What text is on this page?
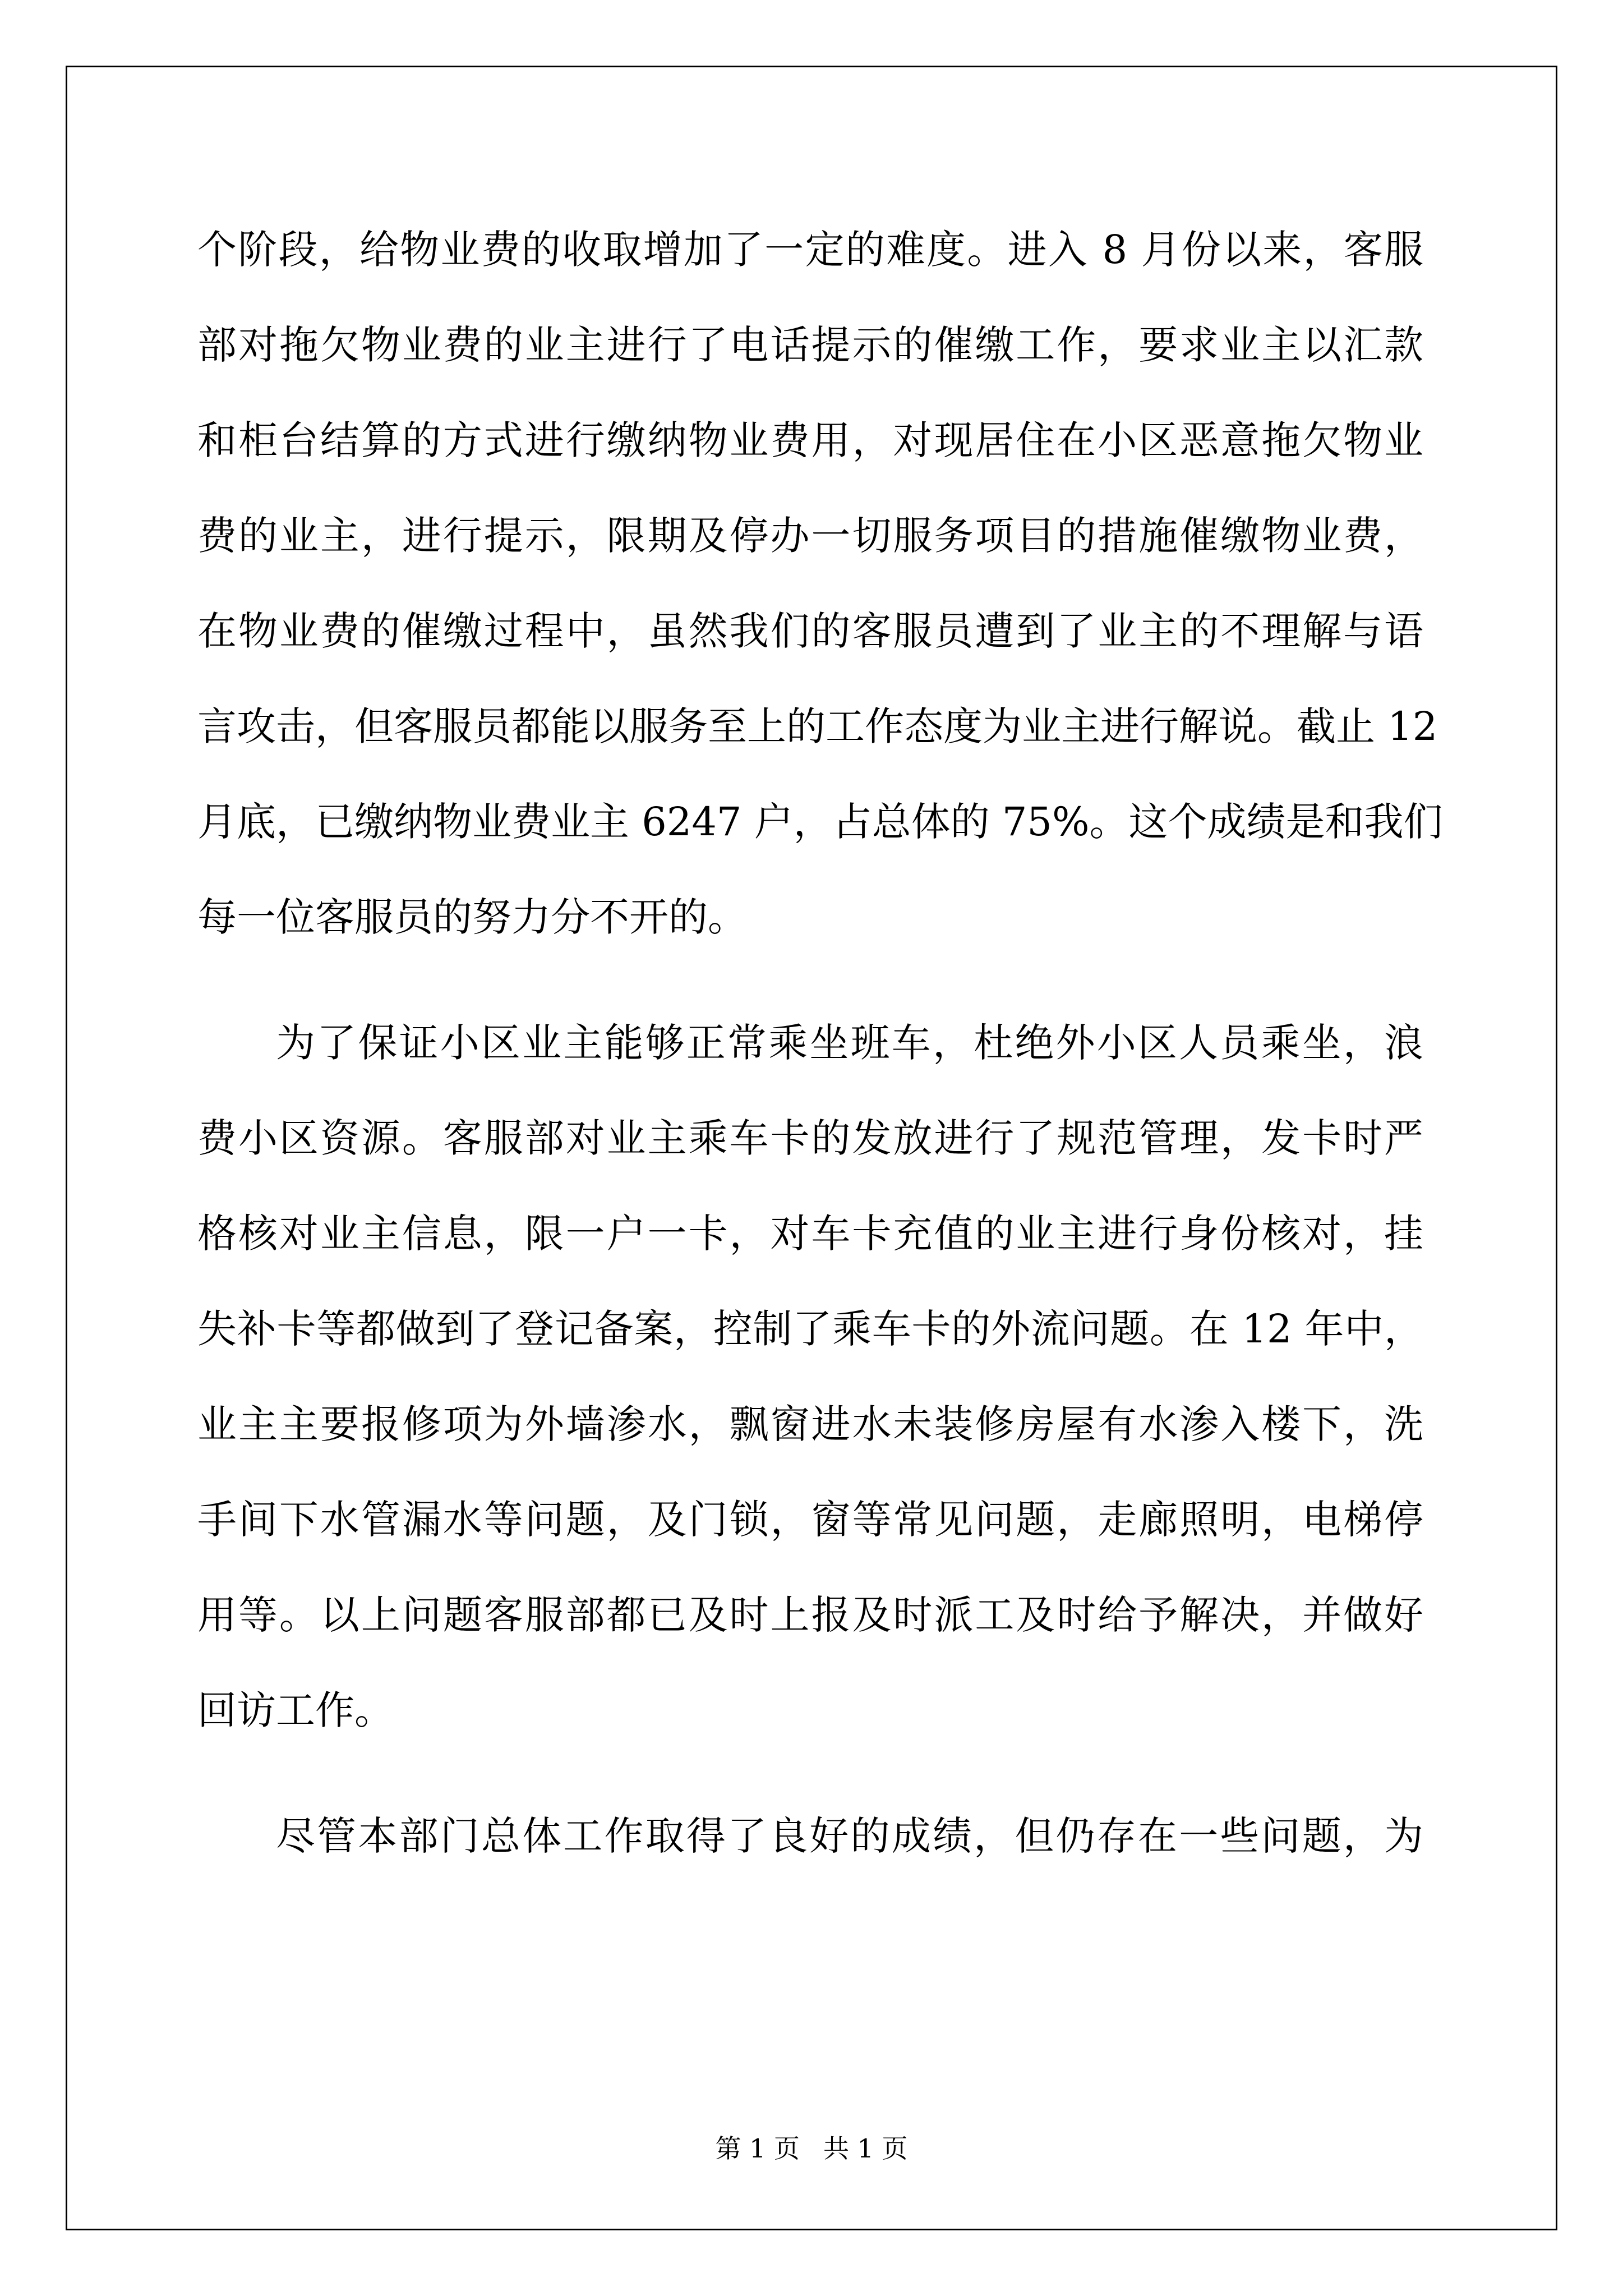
个阶段，给物业费的收取增加了一定的难度。进入 8 月份以来，客服
部对拖欠物业费的业主进行了电话提示的催缴工作，要求业主以汇款
和柜台结算的方式进行缴纳物业费用，对现居住在小区恶意拖欠物业
费的业主，进行提示，限期及停办一切服务项目的措施催缴物业费，
在物业费的催缴过程中，虽然我们的客服员遭到了业主的不理解与语
言攻击，但客服员都能以服务至上的工作态度为业主进行解说。截止 12
月底，已缴纳物业费业主 6247 户，占总体的 75%。这个成绩是和我们
每一位客服员的努力分不开的。
为了保证小区业主能够正常乘坐班车，杜绝外小区人员乘坐，浪
费小区资源。客服部对业主乘车卡的发放进行了规范管理，发卡时严
格核对业主信息，限一户一卡，对车卡充值的业主进行身份核对，挂
失补卡等都做到了登记备案，控制了乘车卡的外流问题。在 12 年中，
业主主要报修项为外墙渗水，飘窗进水未装修房屋有水渗入楼下，洗
手间下水管漏水等问题，及门锁，窗等常见问题，走廊照明，电梯停
用等。以上问题客服部都已及时上报及时派工及时给予解决，并做好
回访工作。
尽管本部门总体工作取得了良好的成绩，但仍存在一些问题，为
第 1 页 共 1 页
